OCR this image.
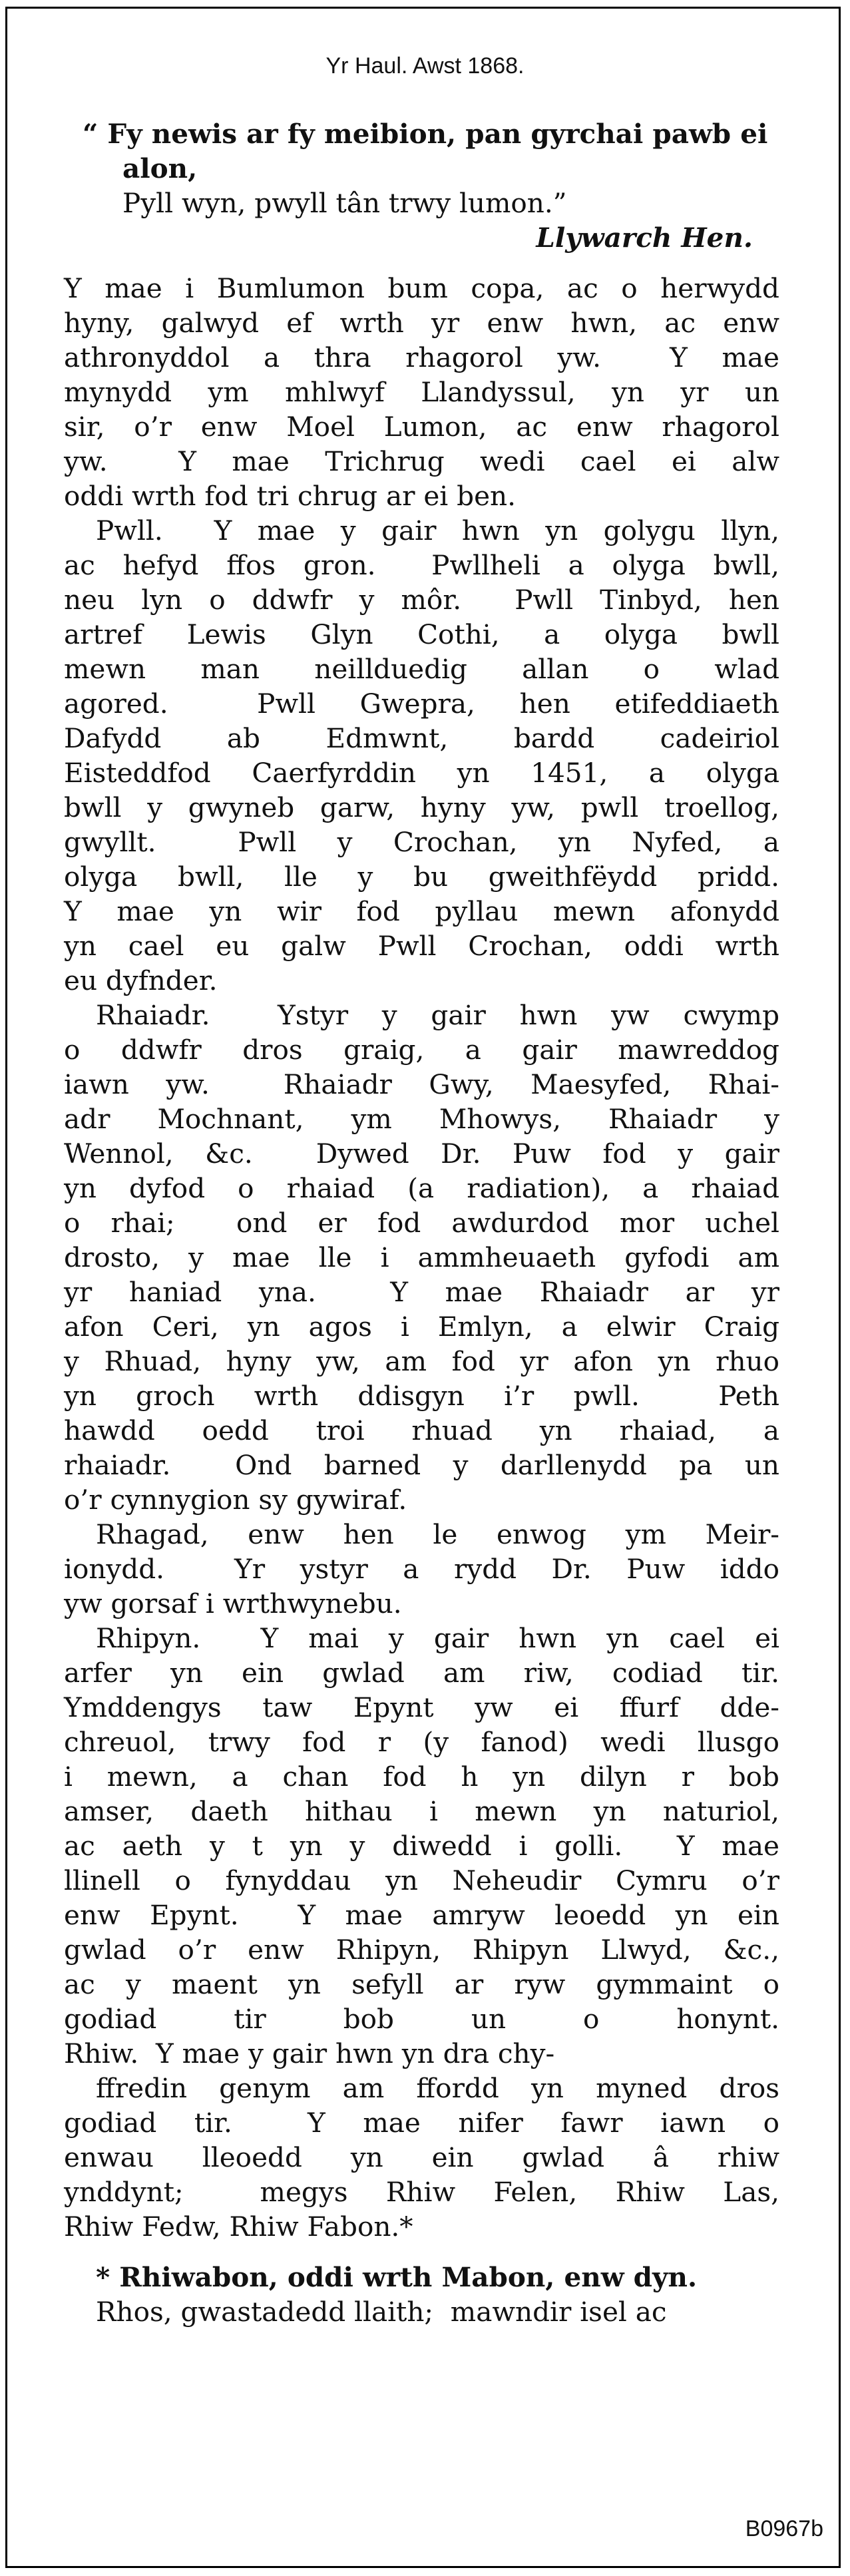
Yr Haul. Awst 1868.
“ Fy newis ar fy meibion, pan gyrchai pawb ei
alon,
Pyll wyn, pwyll tân trwy lumon.”
Llywarch Hen.
Y mae i Bumlumon bum copa, ac o herwydd
hyny, galwyd ef wrth yr enw hwn, ac enw
athronyddol a thra rhagorol yw.  Y mae
mynydd ym mhlwyf Llandyssul, yn yr un
sir, o’r enw Moel Lumon, ac enw rhagorol
yw.  Y mae Trichrug wedi cael ei alw
oddi wrth fod tri chrug ar ei ben.
Pwll.  Y mae y gair hwn yn golygu llyn,
ac hefyd ffos gron.  Pwllheli a olyga bwll,
neu lyn o ddwfr y môr.  Pwll Tinbyd, hen
artref Lewis Glyn Cothi, a olyga bwll
mewn man neillduedig allan o wlad
agored.  Pwll Gwepra, hen etifeddiaeth
Dafydd ab Edmwnt, bardd cadeiriol
Eisteddfod Caerfyrddin yn 1451, a olyga
bwll y gwyneb garw, hyny yw, pwll troellog,
gwyllt.  Pwll y Crochan, yn Nyfed, a
olyga bwll, lle y bu gweithfëydd pridd.
Y mae yn wir fod pyllau mewn afonydd
yn cael eu galw Pwll Crochan, oddi wrth
eu dyfnder.
Rhaiadr.  Ystyr y gair hwn yw cwymp
o ddwfr dros graig, a gair mawreddog
iawn yw.  Rhaiadr Gwy, Maesyfed, Rhai-
adr Mochnant, ym Mhowys, Rhaiadr y
Wennol, &c.  Dywed Dr. Puw fod y gair
yn dyfod o rhaiad (a radiation), a rhaiad
o rhai;  ond er fod awdurdod mor uchel
drosto, y mae lle i ammheuaeth gyfodi am
yr haniad yna.  Y mae Rhaiadr ar yr
afon Ceri, yn agos i Emlyn, a elwir Craig
y Rhuad, hyny yw, am fod yr afon yn rhuo
yn groch wrth ddisgyn i’r pwll.  Peth
hawdd oedd troi rhuad yn rhaiad, a
rhaiadr.  Ond barned y darllenydd pa un
o’r cynnygion sy gywiraf.
Rhagad, enw hen le enwog ym Meir-
ionydd.  Yr ystyr a rydd Dr. Puw iddo
yw gorsaf i wrthwynebu.
Rhipyn.  Y mai y gair hwn yn cael ei
arfer yn ein gwlad am riw, codiad tir.
Ymddengys taw Epynt yw ei ffurf dde-
chreuol, trwy fod r (y fanod) wedi llusgo
i mewn, a chan fod h yn dilyn r bob
amser, daeth hithau i mewn yn naturiol,
ac aeth y t yn y diwedd i golli.  Y mae
llinell o fynyddau yn Neheudir Cymru o’r
enw Epynt.  Y mae amryw leoedd yn ein
gwlad o’r enw Rhipyn, Rhipyn Llwyd, &c.,
ac y maent yn sefyll ar ryw gymmaint o
godiad tir bob un o honynt.
Rhiw.  Y mae y gair hwn yn dra chy-
ffredin genym am ffordd yn myned dros
godiad tir.  Y mae nifer fawr iawn o
enwau lleoedd yn ein gwlad â rhiw
ynddynt;  megys Rhiw Felen, Rhiw Las,
Rhiw Fedw, Rhiw Fabon.*
* Rhiwabon, oddi wrth Mabon, enw dyn.
Rhos, gwastadedd llaith;  mawndir isel ac
B0967b
